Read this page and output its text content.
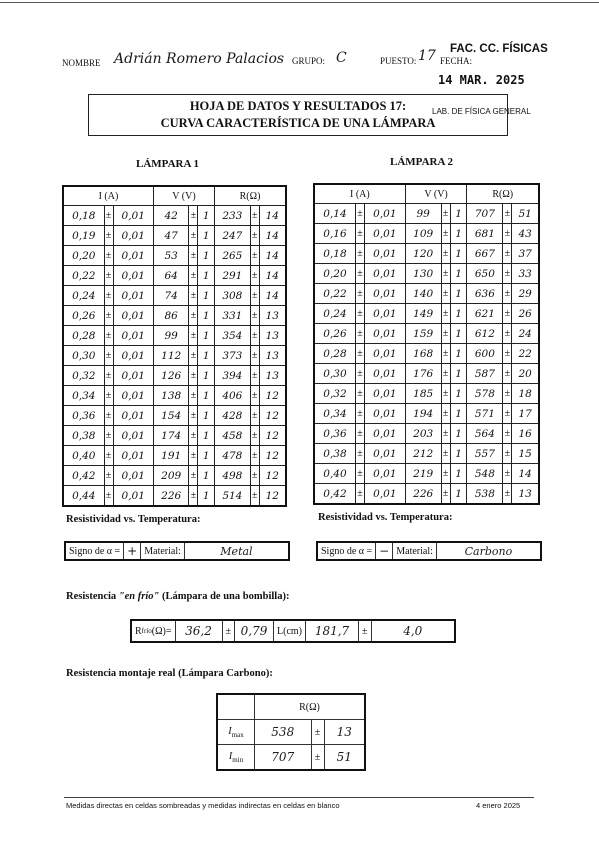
NOMBRE Adrián Romero Palacios GRUPO: C	PUESTO: 17 FECHA:
FAC. CC. FÍSICAS
14 MAR. 2025
LAB. DE FÍSICA GENERAL
HOJA DE DATOS Y RESULTADOS 17:
CURVA CARACTERÍSTICA DE UNA LÁMPARA
LÁMPARA 1	LÁMPARA 2
I (A)			V (V)			R(Ω)		
0,18	±	0,01	42	±	1	233	±	14
0,19	±	0,01	47	±	1	247	±	14
0,20	±	0,01	53	±	1	265	±	14
0,22	±	0,01	64	±	1	291	±	14
0,24	±	0,01	74	±	1	308	±	14
0,26	±	0,01	86	±	1	331	±	13
0,28	±	0,01	99	±	1	354	±	13
0,30	±	0,01	112	±	1	373	±	13
0,32	±	0,01	126	±	1	394	±	13
0,34	±	0,01	138	±	1	406	±	12
0,36	±	0,01	154	±	1	428	±	12
0,38	±	0,01	174	±	1	458	±	12
0,40	±	0,01	191	±	1	478	±	12
0,42	±	0,01	209	±	1	498	±	12
0,44	±	0,01	226	±	1	514	±	12
I (A)			V (V)			R(Ω)		
0,14	±	0,01	99	±	1	707	±	51
0,16	±	0,01	109	±	1	681	±	43
0,18	±	0,01	120	±	1	667	±	37
0,20	±	0,01	130	±	1	650	±	33
0,22	±	0,01	140	±	1	636	±	29
0,24	±	0,01	149	±	1	621	±	26
0,26	±	0,01	159	±	1	612	±	24
0,28	±	0,01	168	±	1	600	±	22
0,30	±	0,01	176	±	1	587	±	20
0,32	±	0,01	185	±	1	578	±	18
0,34	±	0,01	194	±	1	571	±	17
0,36	±	0,01	203	±	1	564	±	16
0,38	±	0,01	212	±	1	557	±	15
0,40	±	0,01	219	±	1	548	±	14
0,42	±	0,01	226	±	1	538	±	13
Resistividad vs. Temperatura:	Resistividad vs. Temperatura:
Signo de α = + Material:	Metal	Signo de α = − Material:	Carbono
Resistencia "en frío" (Lámpara de una bombilla):
R frío (Ω)=	36,2	± 0,79 L(cm)	181,7	±	4,0
Resistencia montaje real (Lámpara Carbono):
	R(Ω)		
$I_{max}$	538	±	13
$I_{min}$	707	±	51
Medidas directas en celdas sombreadas y medidas indirectas en celdas en blanco	4 enero 2025
